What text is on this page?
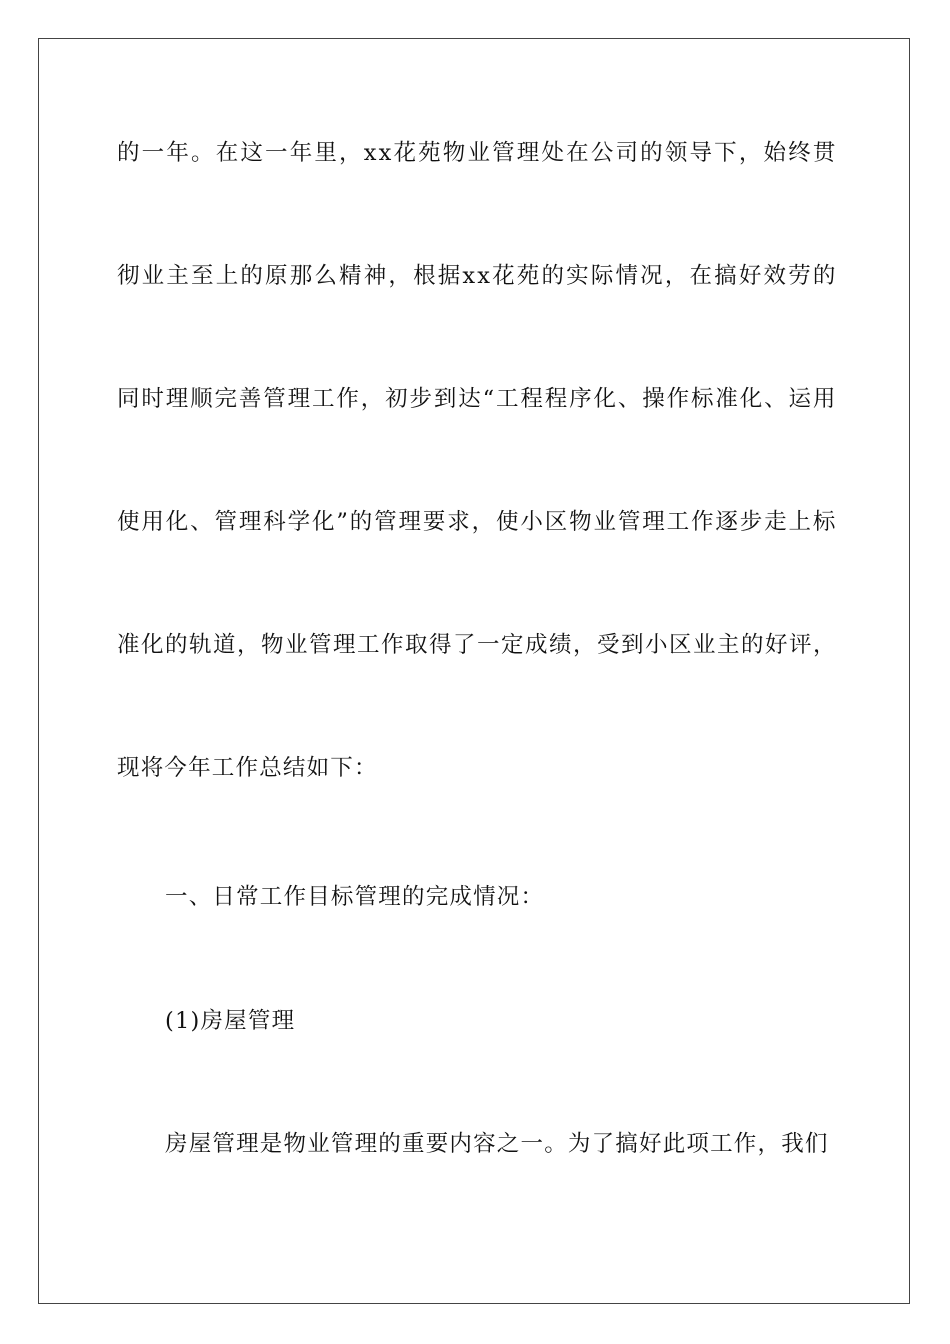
的 一 年 。 在 这 一 年 里 ， x x 花 苑 物 业 管 理 处 在 公 司 的 领 导 下 ， 始 终 贯
彻 业 主 至 上 的 原 那 么 精 神 ， 根 据 x x 花 苑 的 实 际 情 况 ， 在 搞 好 效 劳 的
同 时 理 顺 完 善 管 理 工 作 ， 初 步 到 达 “ 工 程 程 序 化 、 操 作 标 准 化 、 运 用
使 用 化 、 管 理 科 学 化 ” 的 管 理 要 求 ， 使 小 区 物 业 管 理 工 作 逐 步 走 上 标
准 化 的 轨 道 ， 物 业 管 理 工 作 取 得 了 一 定 成 绩 ， 受 到 小 区 业 主 的 好 评 ，
现将今年工作总结如下：
一、日常工作目标管理的完成情况：
(1)房屋管理
房屋管理是物业管理的重要内容之一。为了搞好此项工作，我们
